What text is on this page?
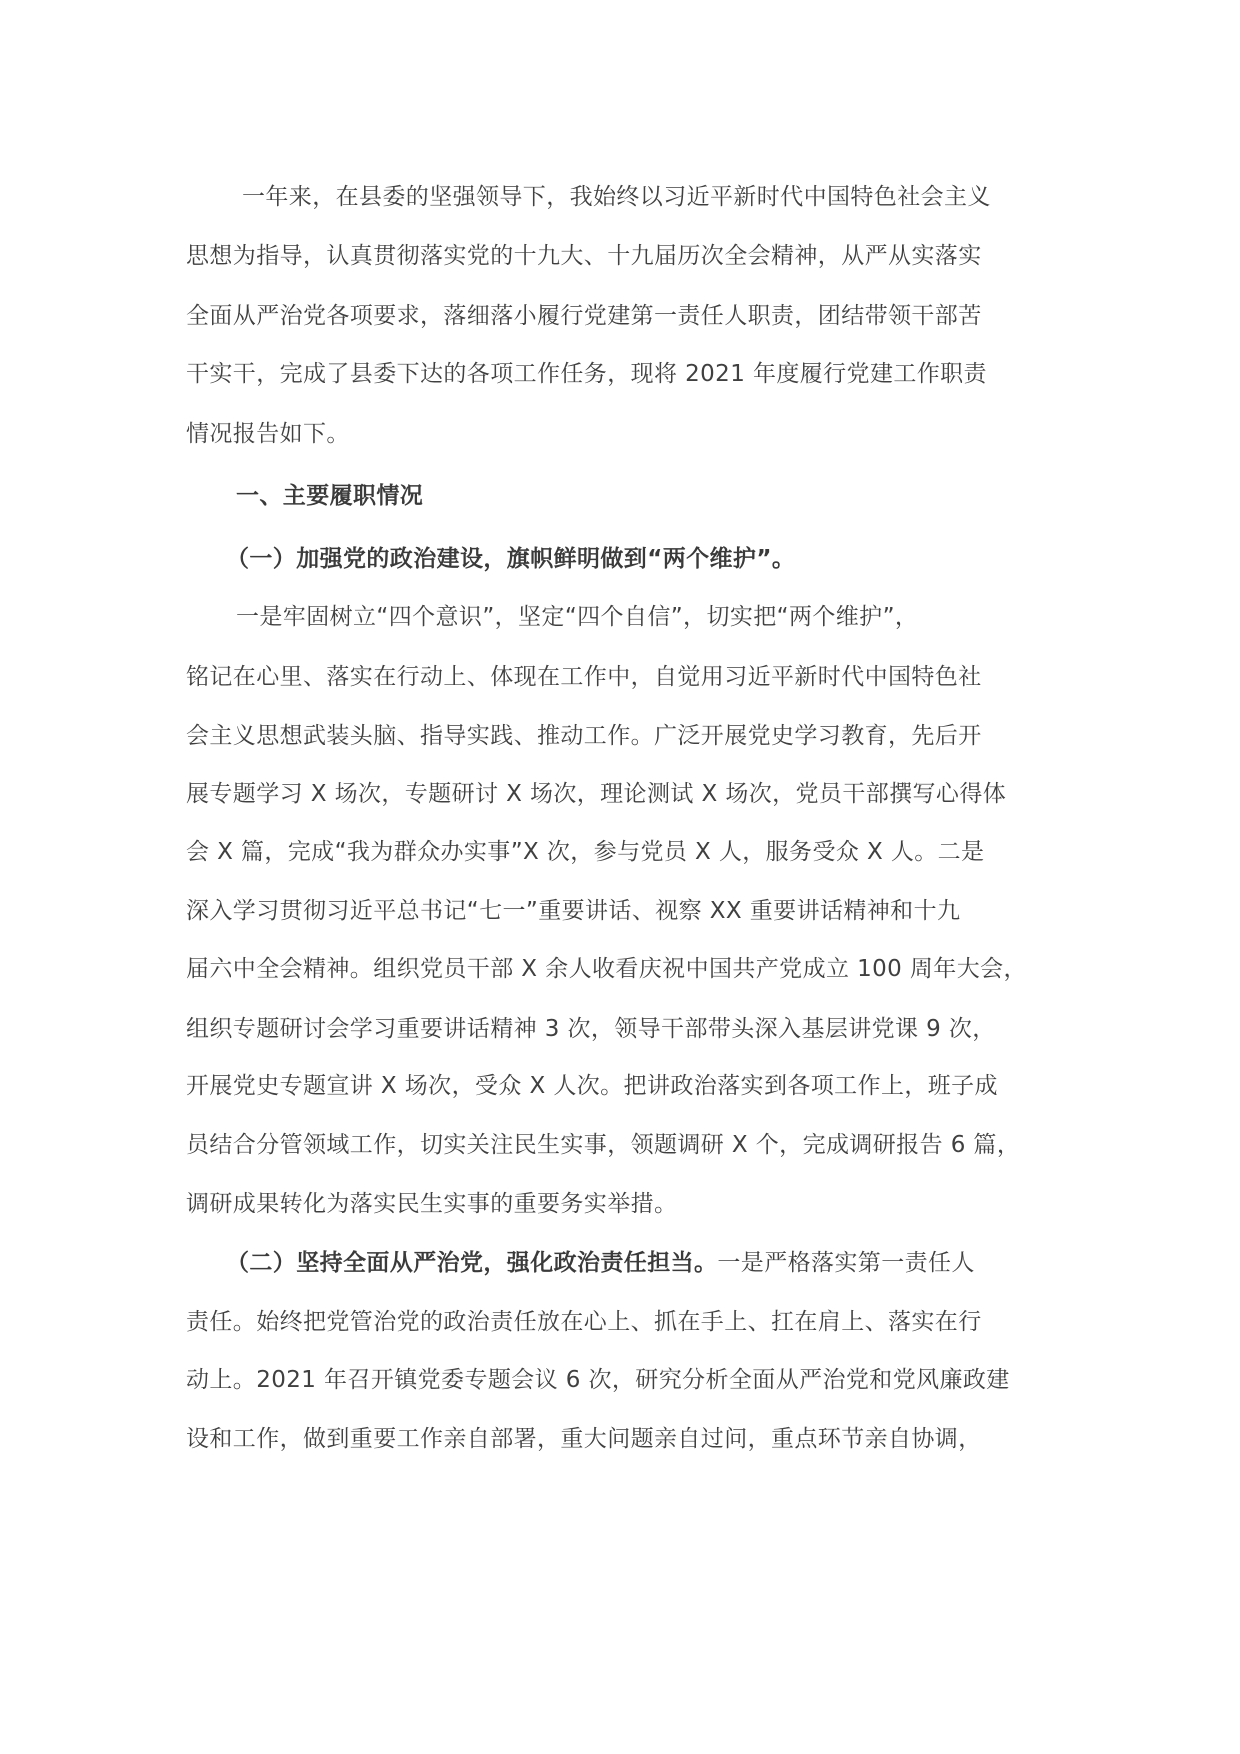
一年来，在县委的坚强领导下，我始终以习近平新时代中国特色社会主义
思想为指导，认真贯彻落实党的十九大、十九届历次全会精神，从严从实落实
全面从严治党各项要求，落细落小履行党建第一责任人职责，团结带领干部苦
干实干，完成了县委下达的各项工作任务，现将 2021 年度履行党建工作职责
情况报告如下。
一、主要履职情况
（一）加强党的政治建设，旗帜鲜明做到“两个维护”。
一是牢固树立“四个意识”，坚定“四个自信”，切实把“两个维护”，
铭记在心里、落实在行动上、体现在工作中，自觉用习近平新时代中国特色社
会主义思想武装头脑、指导实践、推动工作。广泛开展党史学习教育，先后开
展专题学习 X 场次，专题研讨 X 场次，理论测试 X 场次，党员干部撰写心得体
会 X 篇，完成“我为群众办实事”X 次，参与党员 X 人，服务受众 X 人。二是
深入学习贯彻习近平总书记“七一”重要讲话、视察 XX 重要讲话精神和十九
届六中全会精神。组织党员干部 X 余人收看庆祝中国共产党成立 100 周年大会，
组织专题研讨会学习重要讲话精神 3 次，领导干部带头深入基层讲党课 9 次，
开展党史专题宣讲 X 场次，受众 X 人次。把讲政治落实到各项工作上，班子成
员结合分管领域工作，切实关注民生实事，领题调研 X 个，完成调研报告 6 篇，
调研成果转化为落实民生实事的重要务实举措。
（二）坚持全面从严治党，强化政治责任担当。一是严格落实第一责任人
责任。始终把党管治党的政治责任放在心上、抓在手上、扛在肩上、落实在行
动上。2021 年召开镇党委专题会议 6 次，研究分析全面从严治党和党风廉政建
设和工作，做到重要工作亲自部署，重大问题亲自过问，重点环节亲自协调，
